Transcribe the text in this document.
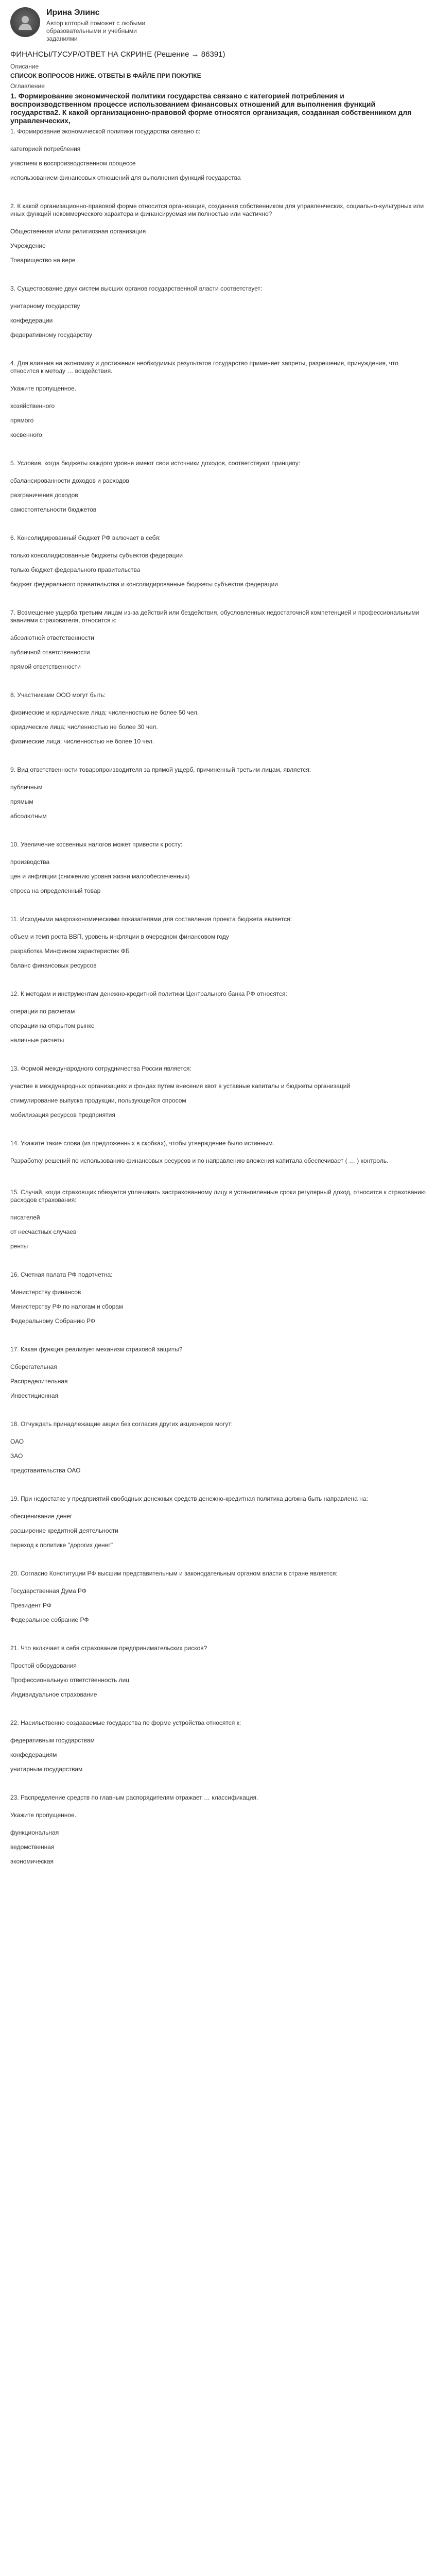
Ирина Элинс
Автор который поможет с любыми образовательными и учебными заданиями
ФИНАНСЫ/ТУСУР/ОТВЕТ НА СКРИНЕ (Решение → 86391)
Описание
СПИСОК ВОПРОСОВ НИЖЕ. ОТВЕТЫ В ФАЙЛЕ ПРИ ПОКУПКЕ
Оглавление
1. Формирование экономической политики государства связано с категорией потребления и воспроизводственном процессе использованием финансовых отношений для выполнения функций государства2. К какой организационно-правовой форме относятся организация, созданная собственником для управленческих,
1. Формирование экономической политики государства связано с:
категорией потребления
участием в воспроизводственном процессе
использованием финансовых отношений для выполнения функций государства
2. К какой организационно-правовой форме относится организация, созданная собственником для управленческих, социально-культурных или иных функций некоммерческого характера и финансируемая им полностью или частично?
Общественная и/или религиозная организация
Учреждение
Товарищество на вере
3. Существование двух систем высших органов государственной власти соответствует:
унитарному государству
конфедерации
федеративному государству
4. Для влияния на экономику и достижения необходимых результатов государство применяет запреты, разрешения, принуждения, что относится к методу … воздействия.
Укажите пропущенное.
хозяйственного
прямого
косвенного
5. Условия, когда бюджеты каждого уровня имеют свои источники доходов, соответствуют принципу:
сбалансированности доходов и расходов
разграничения доходов
самостоятельности бюджетов
6. Консолидированный бюджет РФ включает в себя:
только консолидированные бюджеты субъектов федерации
только бюджет федерального правительства
бюджет федерального правительства и консолидированные бюджеты субъектов федерации
7. Возмещение ущерба третьим лицам из-за действий или бездействия, обусловленных недостаточной компетенцией и профессиональными знаниями страхователя, относится к:
абсолютной ответственности
публичной ответственности
прямой ответственности
8. Участниками ООО могут быть:
физические и юридические лица; численностью не более 50 чел.
юридические лица; численностью не более 30 чел.
физические лица; численностью не более 10 чел.
9. Вид ответственности товаропроизводителя за прямой ущерб, причиненный третьим лицам, является:
публичным
прямым
абсолютным
10. Увеличение косвенных налогов может привести к росту:
производства
цен и инфляции (снижению уровня жизни малообеспеченных)
спроса на определенный товар
11. Исходными макроэкономическими показателями для составления проекта бюджета является:
объем и темп роста ВВП, уровень инфляции в очередном финансовом году
разработка Минфином характеристик ФБ
баланс финансовых ресурсов
12. К методам и инструментам денежно-кредитной политики Центрального банка РФ относятся:
операции по расчетам
операции на открытом рынке
наличные расчеты
13. Формой международного сотрудничества России является:
участие в международных организациях и фондах путем внесения квот в уставные капиталы и бюджеты организаций
стимулирование выпуска продукции, пользующейся спросом
мобилизация ресурсов предприятия
14. Укажите такие слова (из предложенных в скобках), чтобы утверждение было истинным.
Разработку решений по использованию финансовых ресурсов и по направлению вложения капитала обеспечивает ( … ) контроль.
15. Случай, когда страховщик обязуется уплачивать застрахованному лицу в установленные сроки регулярный доход, относится к страхованию расходов страхования:
писателей
от несчастных случаев
ренты
16. Счетная палата РФ подотчетна:
Министерству финансов
Министерству РФ по налогам и сборам
Федеральному Собранию РФ
17. Какая функция реализует механизм страховой защиты?
Сберегательная
Распределительная
Инвестиционная
18. Отчуждать принадлежащие акции без согласия других акционеров могут:
ОАО
ЗАО
представительства ОАО
19. При недостатке у предприятий свободных денежных средств денежно-кредитная политика должна быть направлена на:
обесценивание денег
расширение кредитной деятельности
переход к политике "дорогих денег"
20. Согласно Конституции РФ высшим представительным и законодательным органом власти в стране является:
Государственная Дума РФ
Президент РФ
Федеральное собрание РФ
21. Что включает в себя страхование предпринимательских рисков?
Простой оборудования
Профессиональную ответственность лиц
Индивидуальное страхование
22. Насильственно создаваемые государства по форме устройства относятся к:
федеративным государствам
конфедерациям
унитарным государствам
23. Распределение средств по главным распорядителям отражает … классификация.
Укажите пропущенное.
функциональная
ведомственная
экономическая
